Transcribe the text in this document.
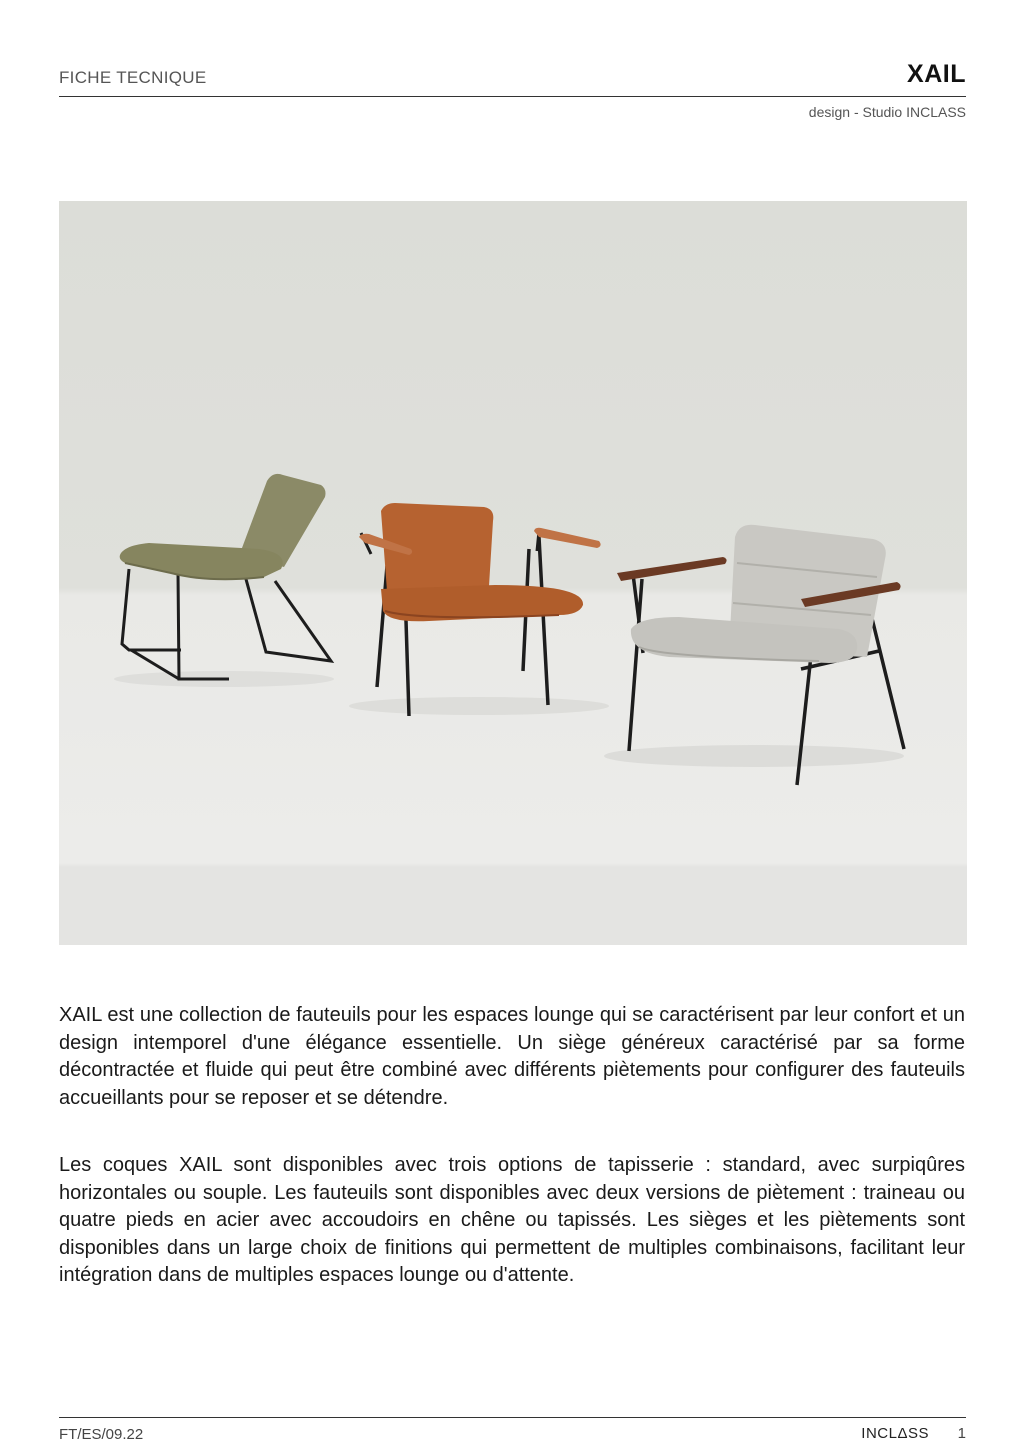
FICHE TECNIQUE	XAIL
design - Studio INCLASS

XAIL est une collection de fauteuils pour les espaces lounge qui se caractérisent par leur confort et un design intemporel d'une élégance essentielle. Un siège généreux caractérisé par sa forme décontractée et fluide qui peut être combiné avec différents piètements pour configurer des fauteuils accueillants pour se reposer et se détendre.

Les coques XAIL sont disponibles avec trois options de tapisserie : standard, avec surpiqûres horizontales ou souple. Les fauteuils sont disponibles avec deux versions de piètement : traineau ou quatre pieds en acier avec accoudoirs en chêne ou tapissés. Les sièges et les piètements sont disponibles dans un large choix de finitions qui permettent de multiples combinaisons, facilitant leur intégration dans de multiples espaces lounge ou d'attente.

FT/ES/09.22	INCLΔSS 1
